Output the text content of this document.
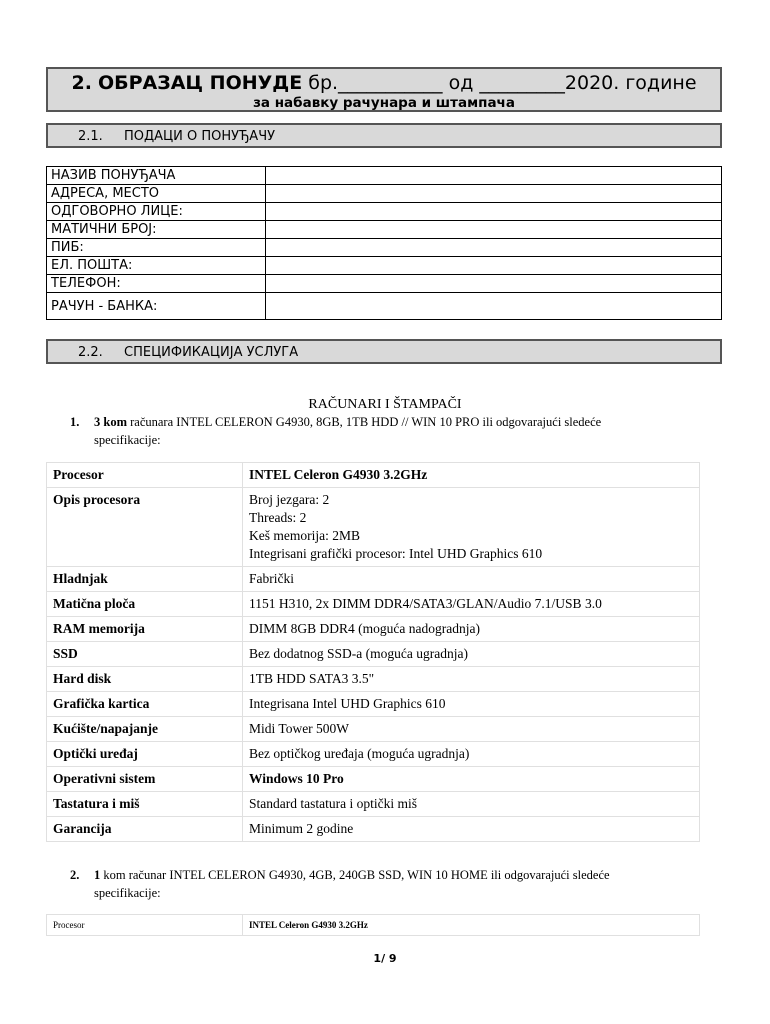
2. ОБРАЗАЦ ПОНУДЕ бр.___________ од _________2020. године
за набавку рачунара и штампача
2.1. ПОДАЦИ О ПОНУЂАЧУ
НАЗИВ ПОНУЂАЧА	
АДРЕСА, МЕСТО	
ОДГОВОРНО ЛИЦЕ:	
МАТИЧНИ БРОЈ:	
ПИБ:	
ЕЛ. ПОШТА:	
ТЕЛЕФОН:	
РАЧУН - БАНКА:	
2.2. СПЕЦИФИКАЦИЈА УСЛУГА
RAČUNARI I ŠTAMPAČI
1. 3 kom računara INTEL CELERON G4930, 8GB, 1TB HDD // WIN 10 PRO ili odgovarajući sledeće
specifikacije:
Procesor	INTEL Celeron G4930 3.2GHz

Opis procesora	Broj jezgara: 2
Threads: 2
Keš memorija: 2MB
Integrisani grafički procesor: Intel UHD Graphics 610

Hladnjak	Fabrički

Matična ploča	1151 H310, 2x DIMM DDR4/SATA3/GLAN/Audio 7.1/USB 3.0

RAM memorija	DIMM 8GB DDR4 (moguća nadogradnja)

SSD	Bez dodatnog SSD-a (moguća ugradnja)

Hard disk	1TB HDD SATA3 3.5"

Grafička kartica	Integrisana Intel UHD Graphics 610

Kućište/napajanje	Midi Tower 500W

Optički uređaj	Bez optičkog uređaja (moguća ugradnja)

Operativni sistem	Windows 10 Pro

Tastatura i miš	Standard tastatura i optički miš

Garancija	Minimum 2 godine
2. 1 kom računar INTEL CELERON G4930, 4GB, 240GB SSD, WIN 10 HOME ili odgovarajući sledeće
specifikacije:
Procesor	INTEL Celeron G4930 3.2GHz
1/ 9
